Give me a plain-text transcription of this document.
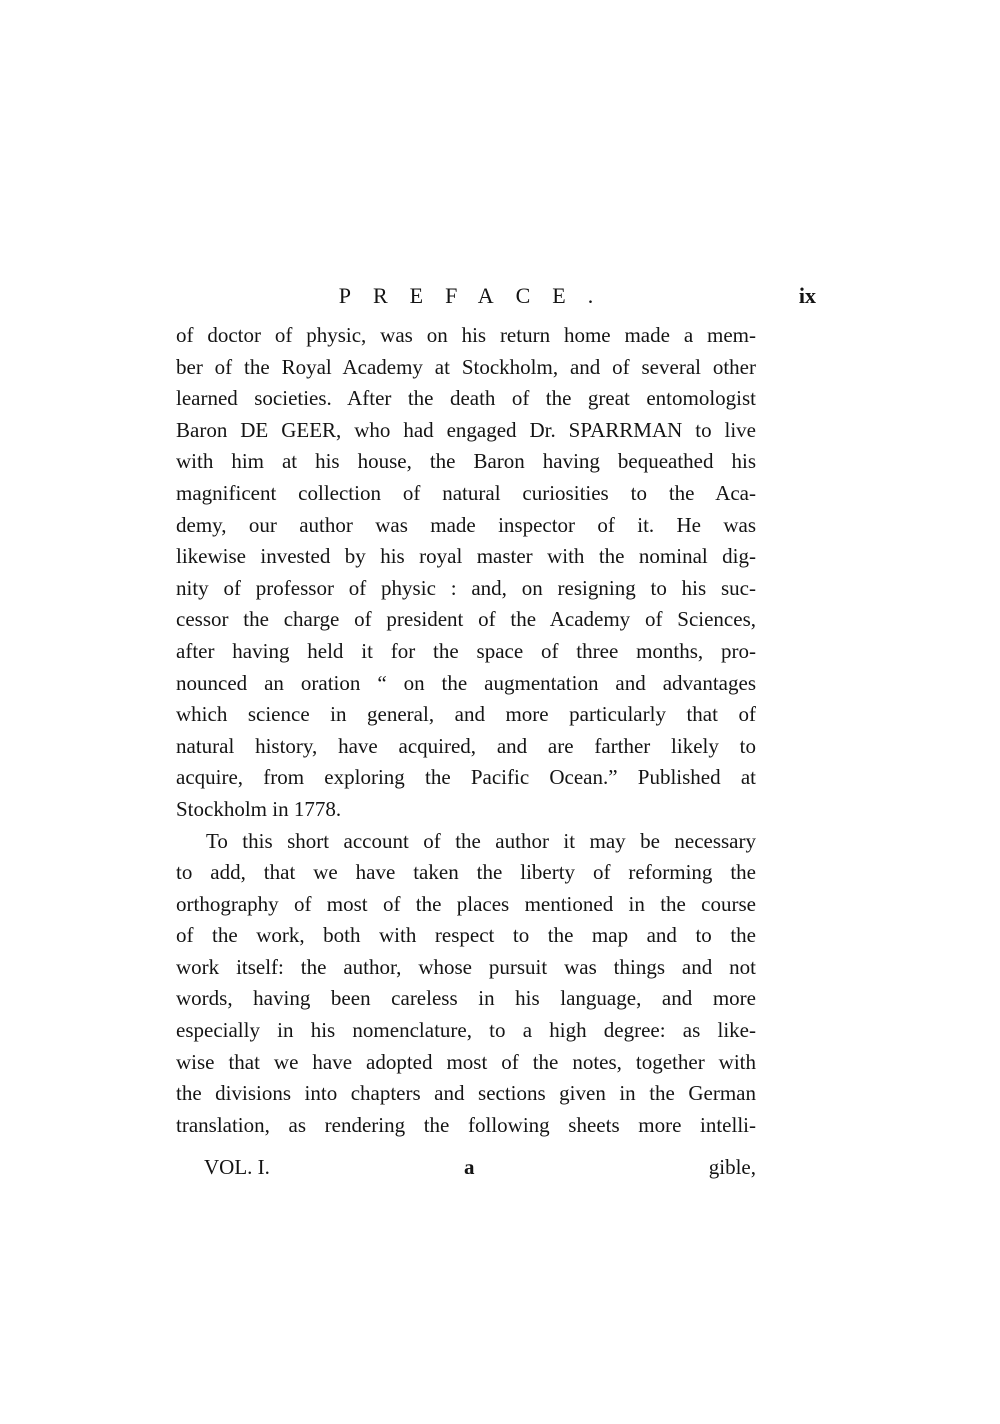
PREFACE.	ix
of doctor of physic, was on his return home made a mem-
ber of the Royal Academy at Stockholm, and of several other
learned societies. After the death of the great entomologist
Baron DE GEER, who had engaged Dr. SPARRMAN to live
with him at his house, the Baron having bequeathed his
magnificent collection of natural curiosities to the Aca-
demy, our author was made inspector of it. He was
likewise invested by his royal master with the nominal dig-
nity of professor of physic : and, on resigning to his suc-
cessor the charge of president of the Academy of Sciences,
after having held it for the space of three months, pro-
nounced an oration “ on the augmentation and advantages
which science in general, and more particularly that of
natural history, have acquired, and are farther likely to
acquire, from exploring the Pacific Ocean.” Published at
Stockholm in 1778.
To this short account of the author it may be necessary
to add, that we have taken the liberty of reforming the
orthography of most of the places mentioned in the course
of the work, both with respect to the map and to the
work itself: the author, whose pursuit was things and not
words, having been careless in his language, and more
especially in his nomenclature, to a high degree: as like-
wise that we have adopted most of the notes, together with
the divisions into chapters and sections given in the German
translation, as rendering the following sheets more intelli-
VOL. I.	a	gible,
